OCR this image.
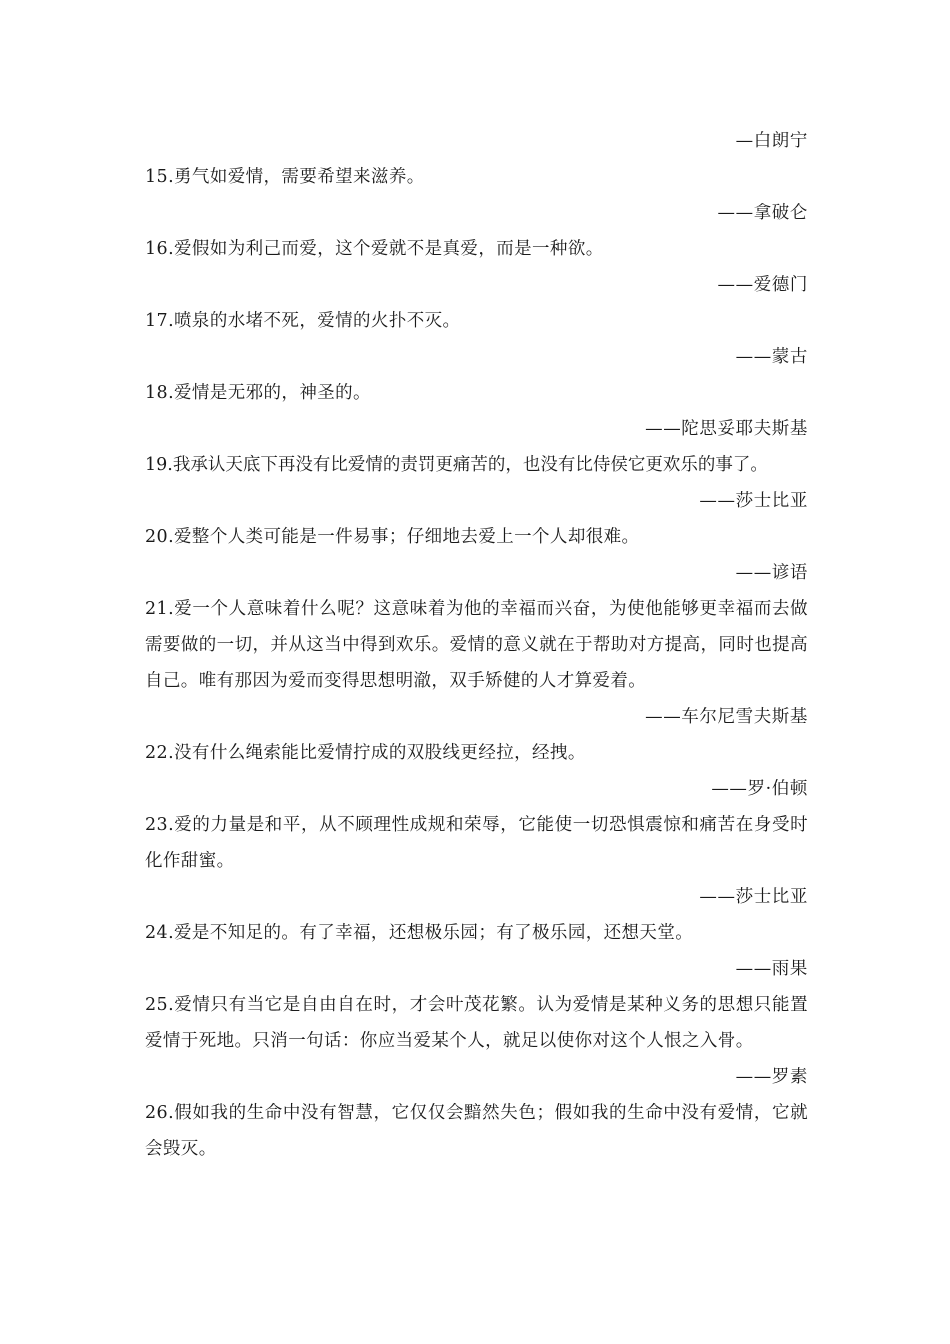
—白朗宁

15.勇气如爱情，需要希望来滋养。

——拿破仑

16.爱假如为利己而爱，这个爱就不是真爱，而是一种欲。

——爱德门

17.喷泉的水堵不死，爱情的火扑不灭。

——蒙古

18.爱情是无邪的，神圣的。

——陀思妥耶夫斯基

19.我承认天底下再没有比爱情的责罚更痛苦的，也没有比侍侯它更欢乐的事了。

——莎士比亚

20.爱整个人类可能是一件易事；仔细地去爱上一个人却很难。

——谚语

21.爱一个人意味着什么呢？这意味着为他的幸福而兴奋，为使他能够更幸福而去做需要做的一切，并从这当中得到欢乐。爱情的意义就在于帮助对方提高，同时也提高自己。唯有那因为爱而变得思想明澈，双手矫健的人才算爱着。

——车尔尼雪夫斯基

22.没有什么绳索能比爱情拧成的双股线更经拉，经拽。

——罗·伯顿

23.爱的力量是和平，从不顾理性成规和荣辱，它能使一切恐惧震惊和痛苦在身受时化作甜蜜。

——莎士比亚

24.爱是不知足的。有了幸福，还想极乐园；有了极乐园，还想天堂。

——雨果

25.爱情只有当它是自由自在时，才会叶茂花繁。认为爱情是某种义务的思想只能置爱情于死地。只消一句话：你应当爱某个人，就足以使你对这个人恨之入骨。

——罗素

26.假如我的生命中没有智慧，它仅仅会黯然失色；假如我的生命中没有爱情，它就会毁灭。
